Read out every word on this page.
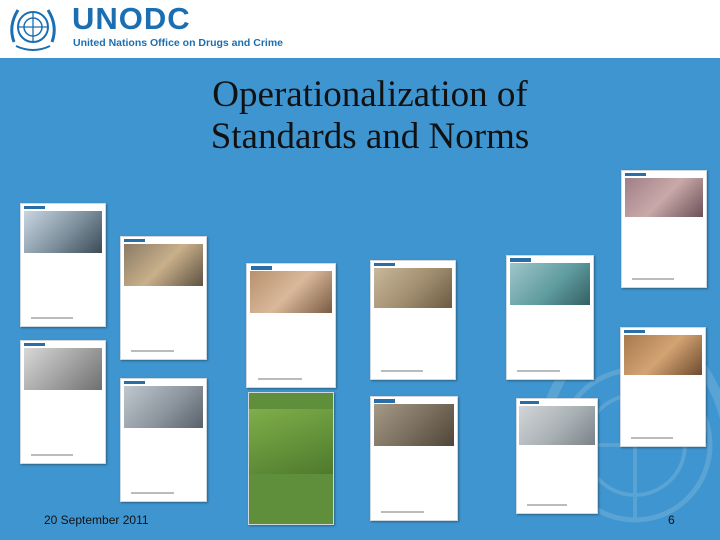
UNODC
United Nations Office on Drugs and Crime
Operationalization of
Standards and Norms
20 September 2011	6
